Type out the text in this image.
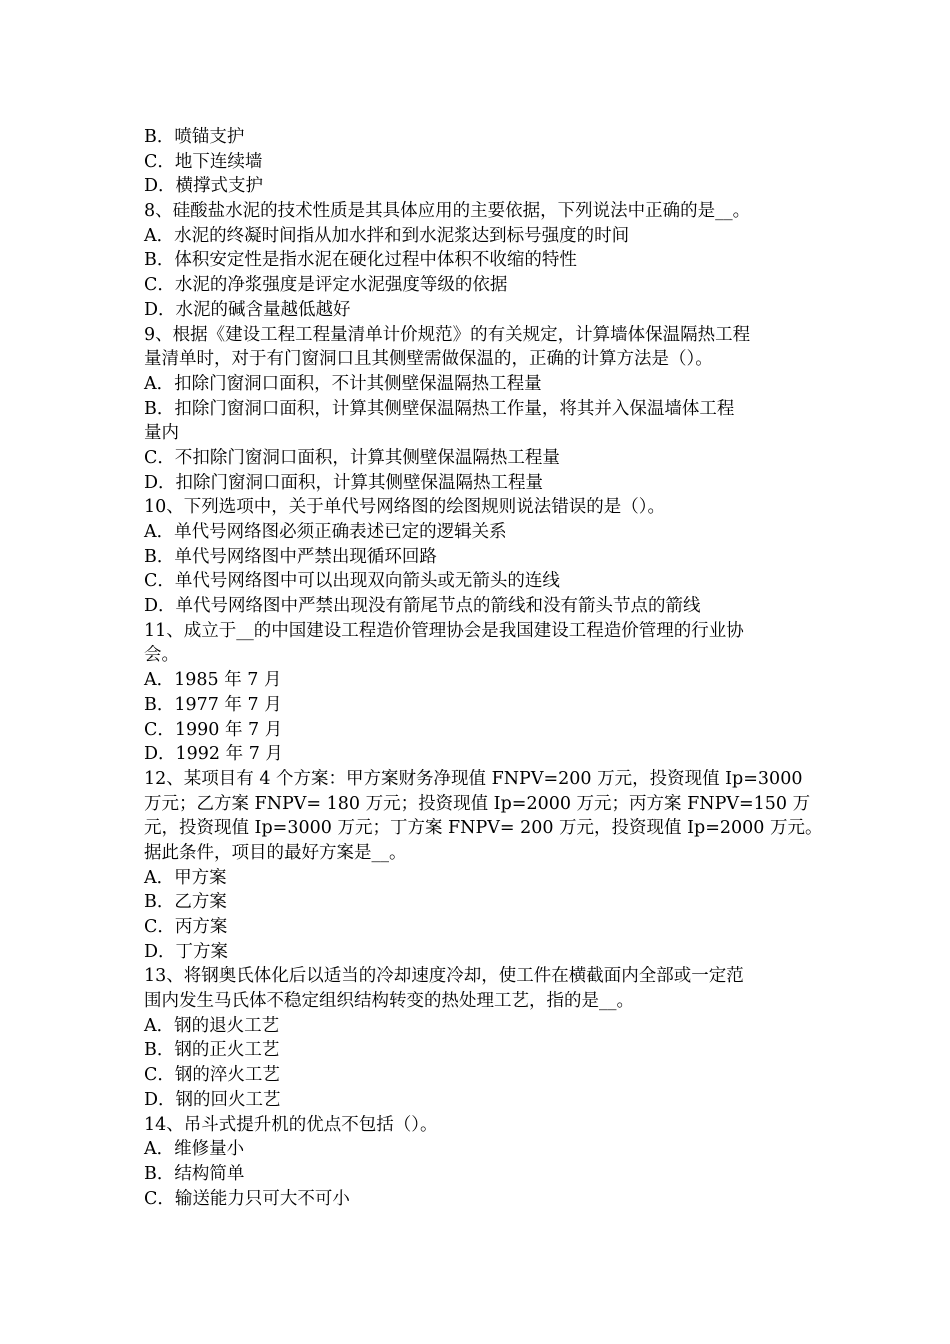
B．喷锚支护
C．地下连续墙
D．横撑式支护
8、硅酸盐水泥的技术性质是其具体应用的主要依据，下列说法中正确的是__。
A．水泥的终凝时间指从加水拌和到水泥浆达到标号强度的时间
B．体积安定性是指水泥在硬化过程中体积不收缩的特性
C．水泥的净浆强度是评定水泥强度等级的依据
D．水泥的碱含量越低越好
9、根据《建设工程工程量清单计价规范》的有关规定，计算墙体保温隔热工程
量清单时，对于有门窗洞口且其侧壁需做保温的，正确的计算方法是（）。
A．扣除门窗洞口面积，不计其侧壁保温隔热工程量
B．扣除门窗洞口面积，计算其侧壁保温隔热工作量，将其并入保温墙体工程
量内
C．不扣除门窗洞口面积，计算其侧壁保温隔热工程量
D．扣除门窗洞口面积，计算其侧壁保温隔热工程量
10、下列选项中，关于单代号网络图的绘图规则说法错误的是（）。
A．单代号网络图必须正确表述已定的逻辑关系
B．单代号网络图中严禁出现循环回路
C．单代号网络图中可以出现双向箭头或无箭头的连线
D．单代号网络图中严禁出现没有箭尾节点的箭线和没有箭头节点的箭线
11、成立于__的中国建设工程造价管理协会是我国建设工程造价管理的行业协
会。
A．1985 年 7 月
B．1977 年 7 月
C．1990 年 7 月
D．1992 年 7 月
12、某项目有 4 个方案：甲方案财务净现值 FNPV=200 万元，投资现值 Ip=3000
万元；乙方案 FNPV= 180 万元；投资现值 Ip=2000 万元；丙方案 FNPV=150 万
元，投资现值 Ip=3000 万元；丁方案 FNPV= 200 万元，投资现值 Ip=2000 万元。
据此条件，项目的最好方案是__。
A．甲方案
B．乙方案
C．丙方案
D．丁方案
13、将钢奥氏体化后以适当的冷却速度冷却，使工件在横截面内全部或一定范
围内发生马氏体不稳定组织结构转变的热处理工艺，指的是__。
A．钢的退火工艺
B．钢的正火工艺
C．钢的淬火工艺
D．钢的回火工艺
14、吊斗式提升机的优点不包括（）。
A．维修量小
B．结构简单
C．输送能力只可大不可小
